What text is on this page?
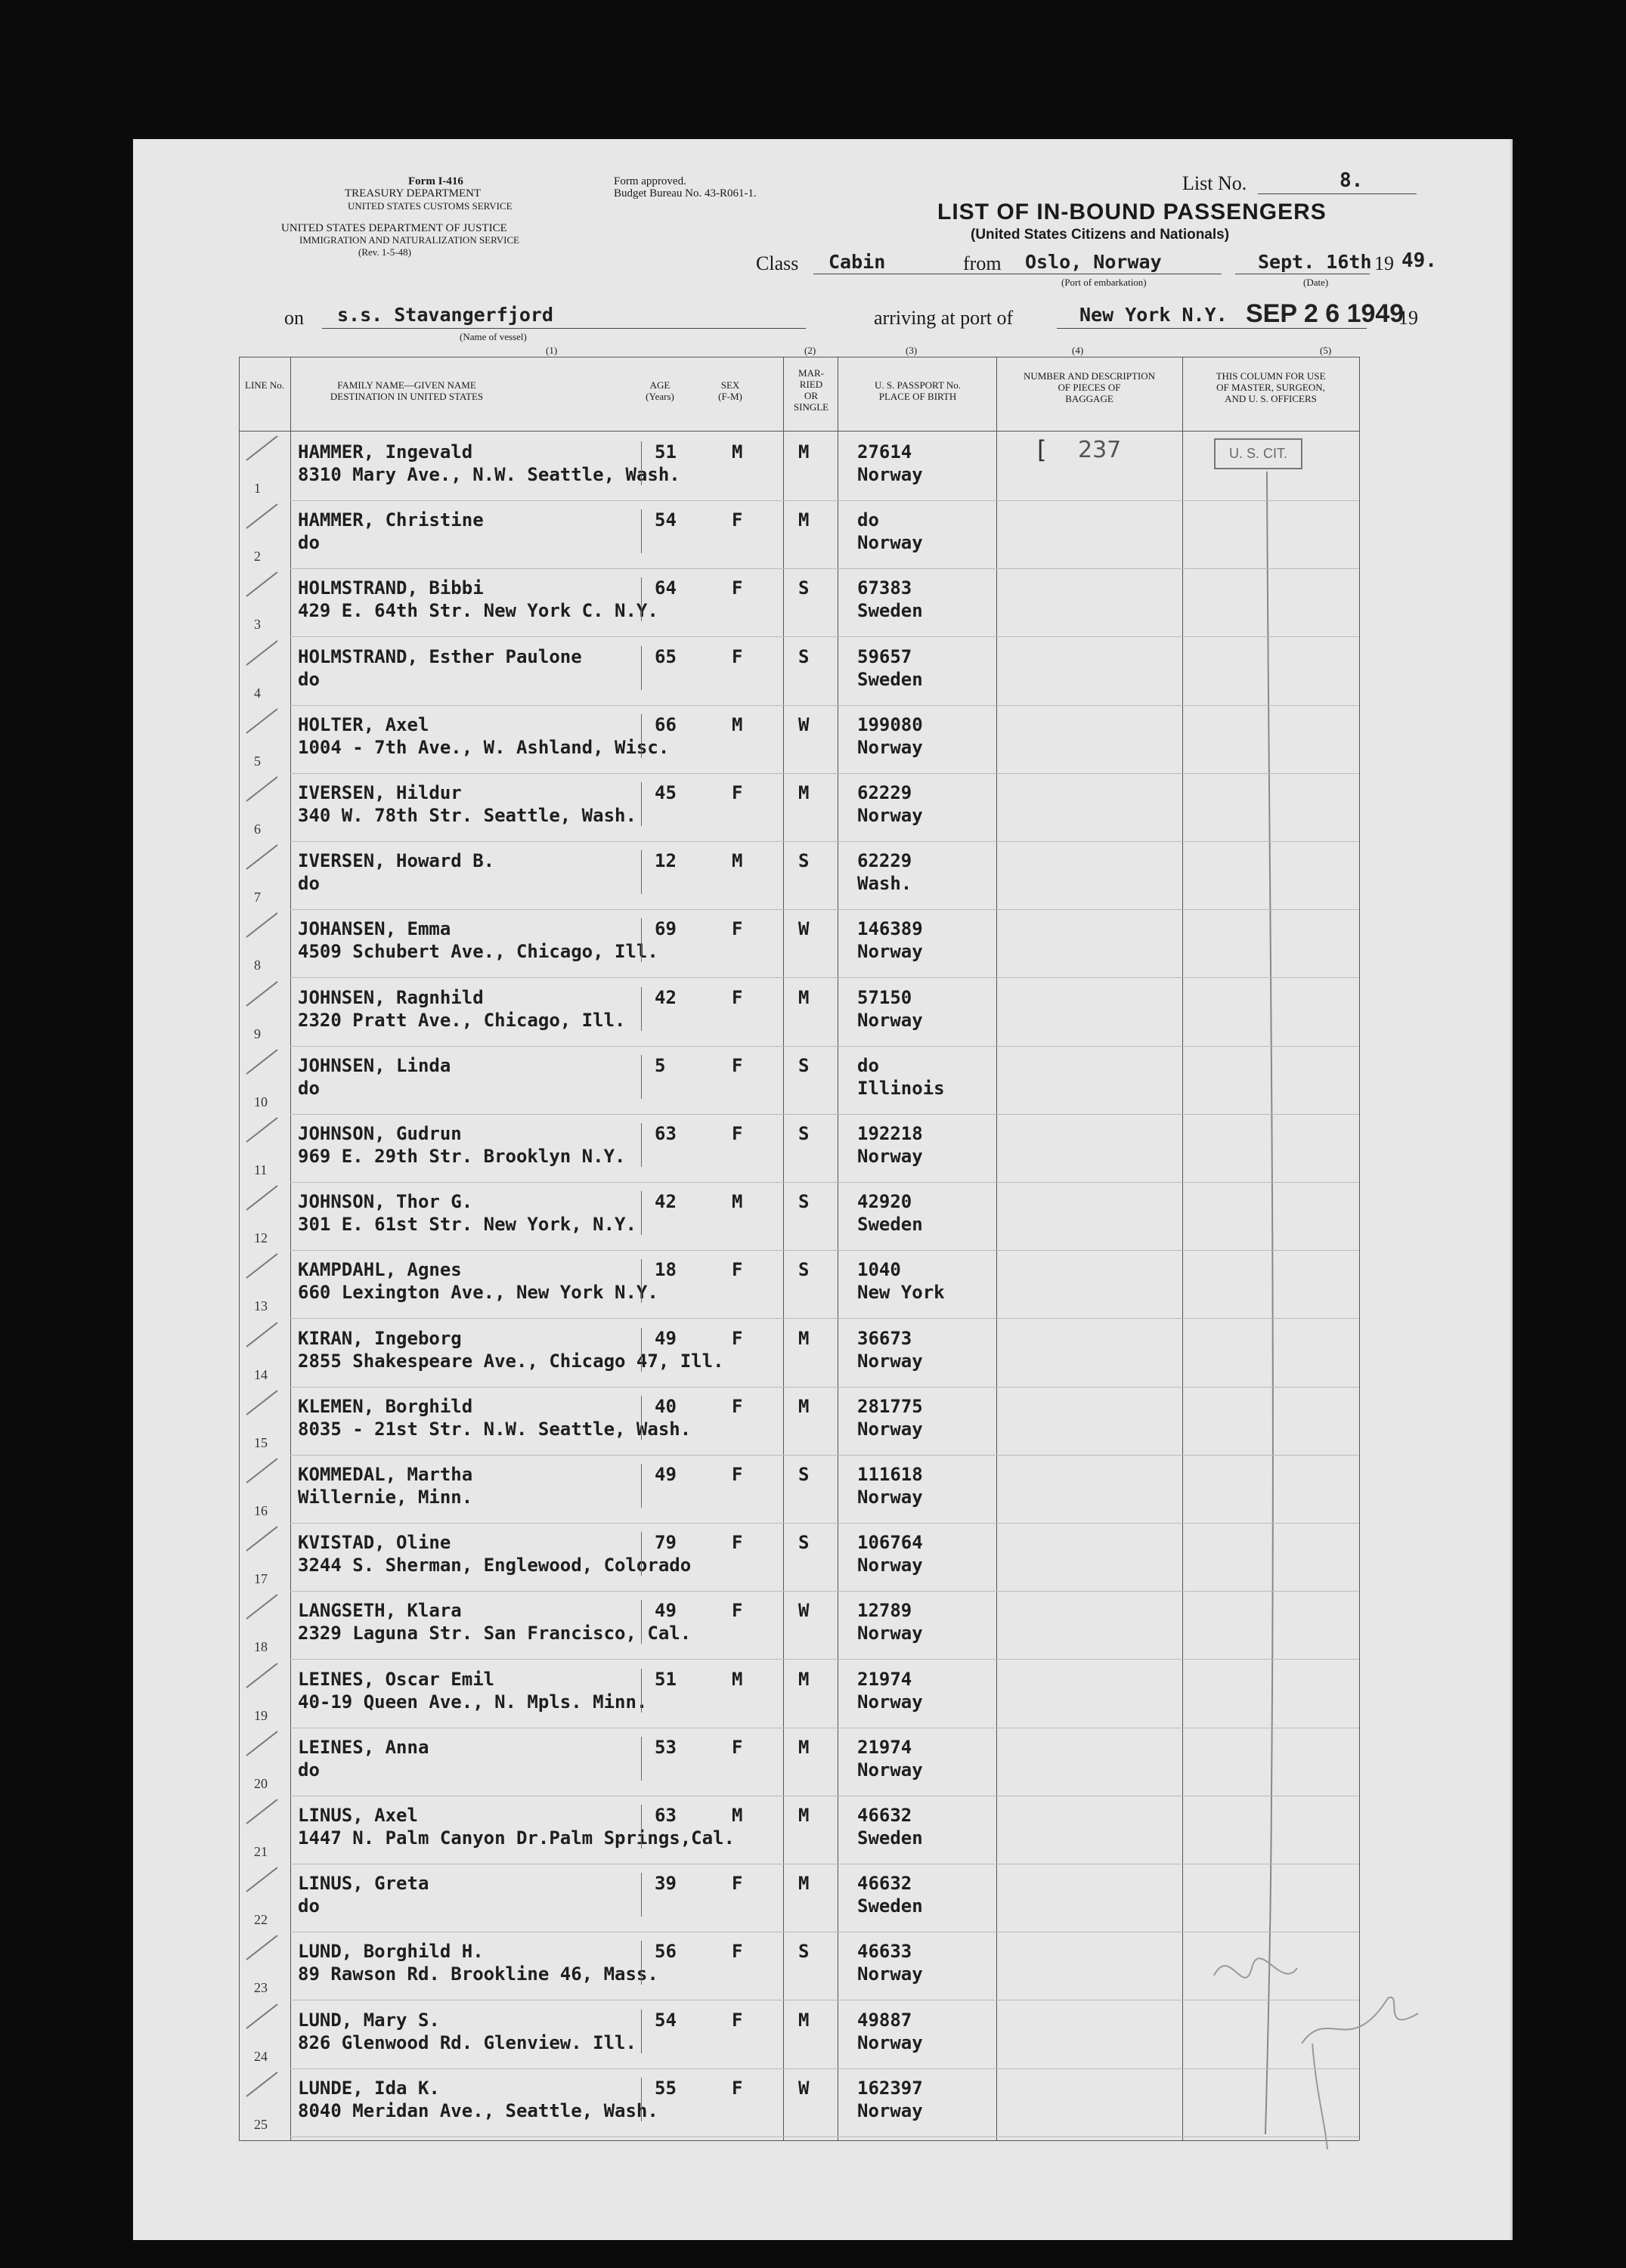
Form I-416
TREASURY DEPARTMENT
UNITED STATES CUSTOMS SERVICE
UNITED STATES DEPARTMENT OF JUSTICE
IMMIGRATION AND NATURALIZATION SERVICE
(Rev. 1-5-48)
Form approved.
Budget Bureau No. 43-R061-1.	List No.	8.
LIST OF IN-BOUND PASSENGERS
(United States Citizens and Nationals)
Class Cabin	from Oslo, Norway
(Port of embarkation)
Sept. 16th
(Date)
19 49.
on s.s. Stavangerfjord
(Name of vessel)
arriving at port of	New York N.Y. SEP 2 6 1949
19
(1)	(2)	(3)	(4)	(5)
LINE No.	FAMILY NAME—GIVEN NAME
DESTINATION IN UNITED STATES
AGE
(Years)
SEX
(F-M)
MAR-
RIED
OR
SINGLE
U. S. PASSPORT No.
PLACE OF BIRTH
NUMBER AND DESCRIPTION
OF PIECES OF
BAGGAGE
THIS COLUMN FOR USE
OF MASTER, SURGEON,
AND U. S. OFFICERS
[ 237	U. S. CIT.
1
HAMMER, Ingevald
8310 Mary Ave., N.W. Seattle, Wash.
51	M	M	27614
Norway
2
HAMMER, Christine
do
54	F	M	do
Norway
3
HOLMSTRAND, Bibbi
429 E. 64th Str. New York C. N.Y.
64	F	S	67383
Sweden
4
HOLMSTRAND, Esther Paulone
do
65	F	S	59657
Sweden
5
HOLTER, Axel
1004 - 7th Ave., W. Ashland, Wisc.
66	M	W	199080
Norway
6
IVERSEN, Hildur
340 W. 78th Str. Seattle, Wash.
45	F	M	62229
Norway
7
IVERSEN, Howard B.
do
12	M	S	62229
Wash.
8
JOHANSEN, Emma
4509 Schubert Ave., Chicago, Ill.
69	F	W	146389
Norway
9
JOHNSEN, Ragnhild
2320 Pratt Ave., Chicago, Ill.
42	F	M	57150
Norway
10
JOHNSEN, Linda
do
5	F	S	do
Illinois
11
JOHNSON, Gudrun
969 E. 29th Str. Brooklyn N.Y.
63	F	S	192218
Norway
12
JOHNSON, Thor G.
301 E. 61st Str. New York, N.Y.
42	M	S	42920
Sweden
13
KAMPDAHL, Agnes
660 Lexington Ave., New York N.Y.
18	F	S	1040
New York
14
KIRAN, Ingeborg
2855 Shakespeare Ave., Chicago 47, Ill.
49	F	M	36673
Norway
15
KLEMEN, Borghild
8035 - 21st Str. N.W. Seattle, Wash.
40	F	M	281775
Norway
16
KOMMEDAL, Martha
Willernie, Minn.
49	F	S	111618
Norway
17
KVISTAD, Oline
3244 S. Sherman, Englewood, Colorado
79	F	S	106764
Norway
18
LANGSETH, Klara
2329 Laguna Str. San Francisco, Cal.
49	F	W	12789
Norway
19
LEINES, Oscar Emil
40-19 Queen Ave., N. Mpls. Minn.
51	M	M	21974
Norway
20
LEINES, Anna
do
53	F	M	21974
Norway
21
LINUS, Axel
1447 N. Palm Canyon Dr.Palm Springs,Cal.
63	M	M	46632
Sweden
22
LINUS, Greta
do
39	F	M	46632
Sweden
23
LUND, Borghild H.
89 Rawson Rd. Brookline 46, Mass.
56	F	S	46633
Norway
24
LUND, Mary S.
826 Glenwood Rd. Glenview. Ill.
54	F	M	49887
Norway
25
LUNDE, Ida K.
8040 Meridan Ave., Seattle, Wash.
55	F	W	162397
Norway
